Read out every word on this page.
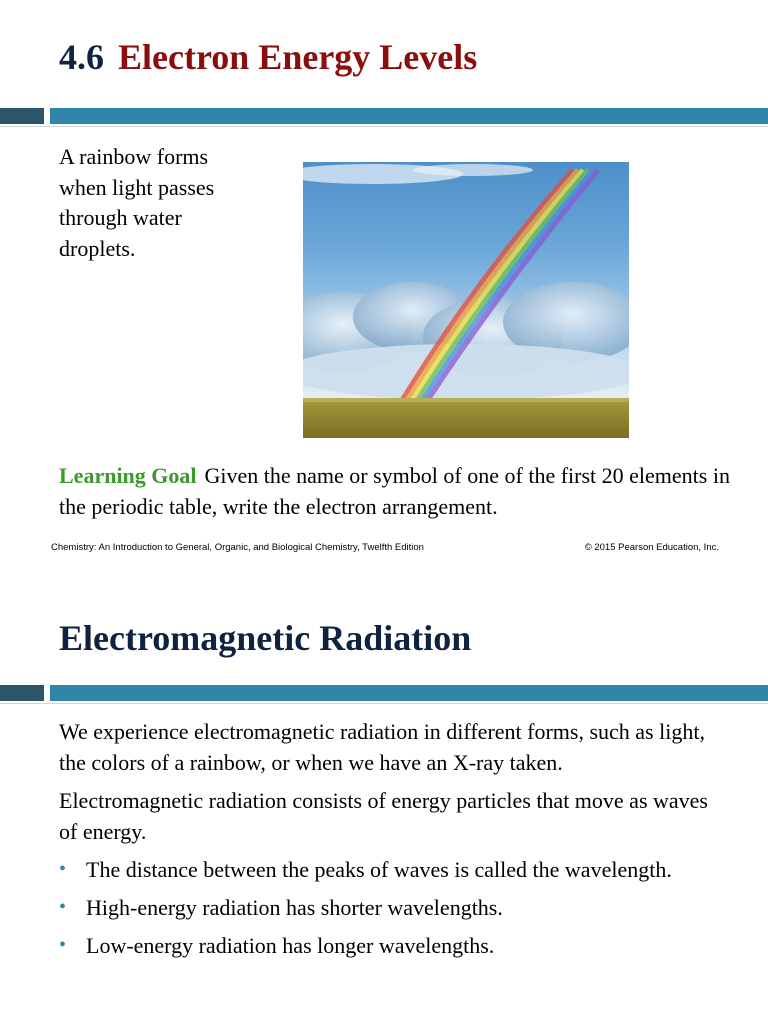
4.6 Electron Energy Levels

A rainbow forms when light passes through water droplets.

Learning Goal Given the name or symbol of one of the first 20 elements in the periodic table, write the electron arrangement.

Chemistry: An Introduction to General, Organic, and Biological Chemistry, Twelfth Edition	© 2015 Pearson Education, Inc.
Electromagnetic Radiation

We experience electromagnetic radiation in different forms, such as light, the colors of a rainbow, or when we have an X-ray taken.

Electromagnetic radiation consists of energy particles that move as waves of energy.

• The distance between the peaks of waves is called the wavelength.
• High-energy radiation has shorter wavelengths.
• Low-energy radiation has longer wavelengths.
